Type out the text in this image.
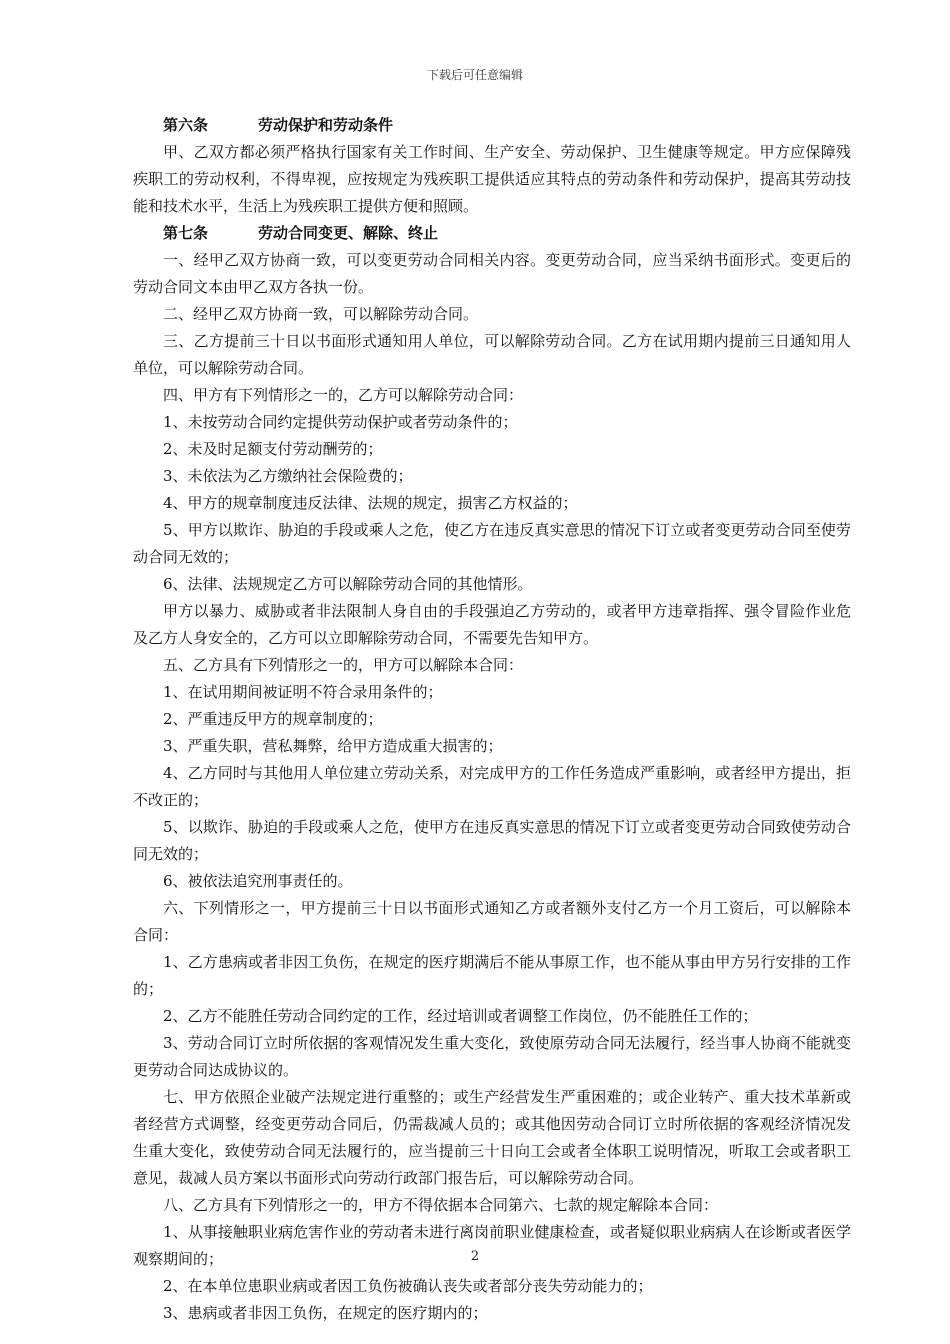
下载后可任意编辑

第六条	劳动保护和劳动条件

甲、乙双方都必须严格执行国家有关工作时间、生产安全、劳动保护、卫生健康等规定。甲方应保障残疾职工的劳动权利，不得卑视，应按规定为残疾职工提供适应其特点的劳动条件和劳动保护，提高其劳动技能和技术水平，生活上为残疾职工提供方便和照顾。

第七条	劳动合同变更、解除、终止

一、经甲乙双方协商一致，可以变更劳动合同相关内容。变更劳动合同，应当采纳书面形式。变更后的劳动合同文本由甲乙双方各执一份。

二、经甲乙双方协商一致，可以解除劳动合同。

三、乙方提前三十日以书面形式通知用人单位，可以解除劳动合同。乙方在试用期内提前三日通知用人单位，可以解除劳动合同。

四、甲方有下列情形之一的，乙方可以解除劳动合同：

1、未按劳动合同约定提供劳动保护或者劳动条件的；

2、未及时足额支付劳动酬劳的；

3、未依法为乙方缴纳社会保险费的；

4、甲方的规章制度违反法律、法规的规定，损害乙方权益的；

5、甲方以欺诈、胁迫的手段或乘人之危，使乙方在违反真实意思的情况下订立或者变更劳动合同至使劳动合同无效的；

6、法律、法规规定乙方可以解除劳动合同的其他情形。

甲方以暴力、威胁或者非法限制人身自由的手段强迫乙方劳动的，或者甲方违章指挥、强令冒险作业危及乙方人身安全的，乙方可以立即解除劳动合同，不需要先告知甲方。

五、乙方具有下列情形之一的，甲方可以解除本合同：

1、在试用期间被证明不符合录用条件的；

2、严重违反甲方的规章制度的；

3、严重失职，营私舞弊，给甲方造成重大损害的；

4、乙方同时与其他用人单位建立劳动关系，对完成甲方的工作任务造成严重影响，或者经甲方提出，拒不改正的；

5、以欺诈、胁迫的手段或乘人之危，使甲方在违反真实意思的情况下订立或者变更劳动合同致使劳动合同无效的；

6、被依法追究刑事责任的。

六、下列情形之一，甲方提前三十日以书面形式通知乙方或者额外支付乙方一个月工资后，可以解除本合同：

1、乙方患病或者非因工负伤，在规定的医疗期满后不能从事原工作，也不能从事由甲方另行安排的工作的；

2、乙方不能胜任劳动合同约定的工作，经过培训或者调整工作岗位，仍不能胜任工作的；

3、劳动合同订立时所依据的客观情况发生重大变化，致使原劳动合同无法履行，经当事人协商不能就变更劳动合同达成协议的。

七、甲方依照企业破产法规定进行重整的；或生产经营发生严重困难的；或企业转产、重大技术革新或者经营方式调整，经变更劳动合同后，仍需裁减人员的；或其他因劳动合同订立时所依据的客观经济情况发生重大变化，致使劳动合同无法履行的，应当提前三十日向工会或者全体职工说明情况，听取工会或者职工意见，裁减人员方案以书面形式向劳动行政部门报告后，可以解除劳动合同。

八、乙方具有下列情形之一的，甲方不得依据本合同第六、七款的规定解除本合同：

1、从事接触职业病危害作业的劳动者未进行离岗前职业健康检查，或者疑似职业病病人在诊断或者医学观察期间的；

2、在本单位患职业病或者因工负伤被确认丧失或者部分丧失劳动能力的；

3、患病或者非因工负伤，在规定的医疗期内的；

2
